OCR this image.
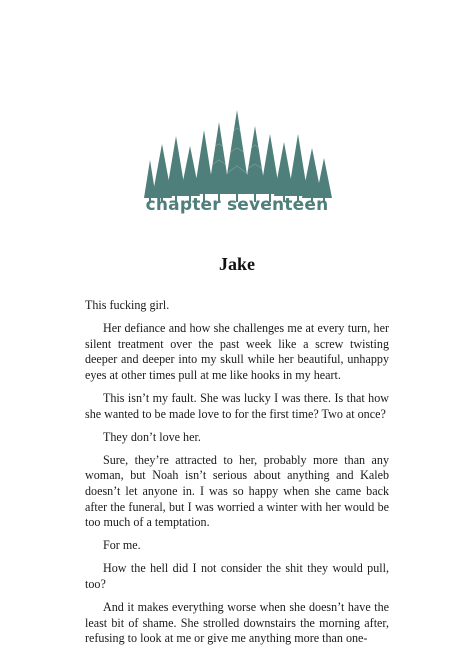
chapter seventeen
Jake

This fucking girl.

Her defiance and how she challenges me at every turn, her silent treatment over the past week like a screw twisting deeper and deeper into my skull while her beautiful, unhappy eyes at other times pull at me like hooks in my heart.

This isn’t my fault. She was lucky I was there. Is that how she wanted to be made love to for the first time? Two at once?

They don’t love her.

Sure, they’re attracted to her, probably more than any woman, but Noah isn’t serious about anything and Kaleb doesn’t let anyone in. I was so happy when she came back after the funeral, but I was worried a winter with her would be too much of a temptation.

For me.

How the hell did I not consider the shit they would pull, too?

And it makes everything worse when she doesn’t have the least bit of shame. She strolled downstairs the morning after, refusing to look at me or give me anything more than one-
